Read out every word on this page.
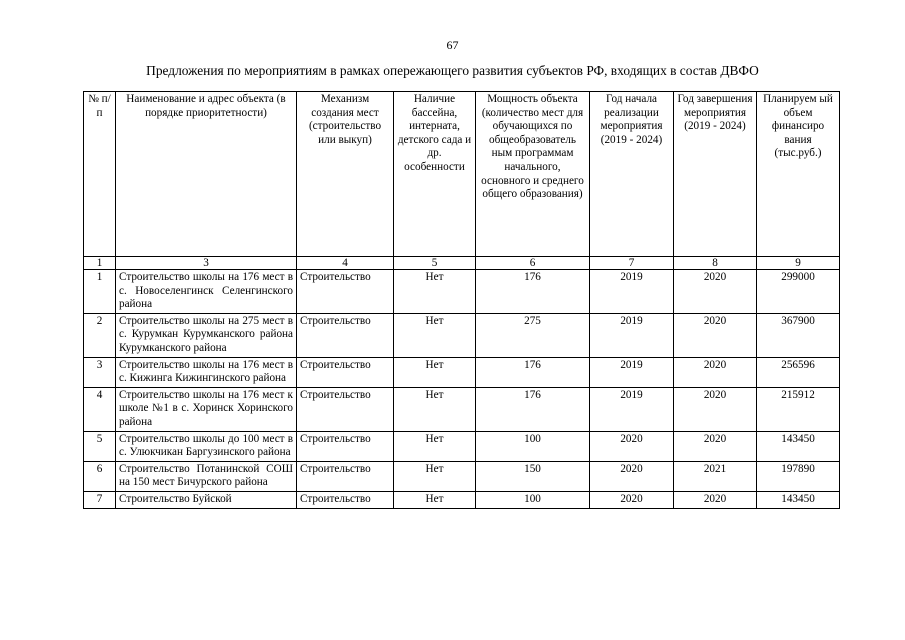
67
Предложения по мероприятиям в рамках опережающего развития субъектов РФ, входящих в состав ДВФО
№ п/п	Наименование и адрес объекта (в порядке приоритетности)	Механизм создания мест (строительство или выкуп)	Наличие бассейна, интерната, детского сада и др. особенности	Мощность объекта (количество мест для обучающихся по общеобразователь ным программам начального, основного и среднего общего образования)	Год начала реализации мероприятия (2019 - 2024)	Год завершения мероприятия (2019 - 2024)	Планируем ый объем финансиро вания (тыс.руб.)
1	3	4	5	6	7	8	9
1	Строительство школы на 176 мест в с. Новоселенгинск Селенгинского района	Строительство	Нет	176	2019	2020	299000
2	Строительство школы на 275 мест в с. Курумкан Курумканского района Курумканского района	Строительство	Нет	275	2019	2020	367900
3	Строительство школы на 176 мест в с. Кижинга Кижингинского района	Строительство	Нет	176	2019	2020	256596
4	Строительство школы на 176 мест к школе №1 в с. Хоринск Хоринского района	Строительство	Нет	176	2019	2020	215912
5	Строительство школы до 100 мест в с. Улюкчикан Баргузинского района	Строительство	Нет	100	2020	2020	143450
6	Строительство Потанинской СОШ на 150 мест Бичурского района	Строительство	Нет	150	2020	2021	197890
7	Строительство Буйской	Строительство	Нет	100	2020	2020	143450
